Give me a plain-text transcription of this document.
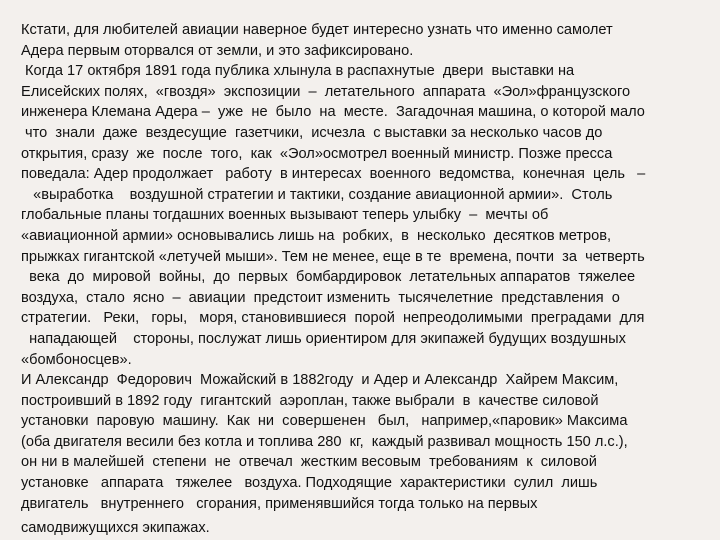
Кстати, для любителей авиации наверное будет интересно узнать что именно самолет
Адера первым оторвался от земли, и это зафиксировано.
Когда 17 октября 1891 года публика хлынула в распахнутые  двери  выставки на
Елисейских полях,  «гвоздя»  экспозиции  –  летательного  аппарата  «Эол»французского
инженера Клемана Адера –  уже  не  было  на  месте.  Загадочная машина, о которой мало
что  знали  даже  вездесущие  газетчики,  исчезла  с выставки за несколько часов до
открытия, сразу  же  после  того,  как  «Эол»осмотрел военный министр. Позже пресса
поведала: Адер продолжает   работу  в интересах  военного  ведомства,  конечная  цель   –
«выработка    воздушной стратегии и тактики, создание авиационной армии».  Столь
глобальные планы тогдашних военных вызывают теперь улыбку  –  мечты об
«авиационной армии» основывались лишь на  робких,  в  несколько  десятков метров,
прыжках гигантской «летучей мыши». Тем не менее, еще в те  времена, почти  за  четверть
века  до  мировой  войны,  до  первых  бомбардировок  летательных аппаратов  тяжелее
воздуха,  стало  ясно  –  авиации  предстоит изменить  тысячелетние  представления  о
стратегии.   Реки,   горы,   моря, становившиеся  порой  непреодолимыми  преградами  для
нападающей    стороны, послужат лишь ориентиром для экипажей будущих воздушных
«бомбоносцев».
И Александр  Федорович  Можайский в 1882году  и Адер и Александр  Хайрем Максим,
построивший в 1892 году  гигантский  аэроплан, также выбрали  в  качестве силовой
установки  паровую  машину.  Как  ни  совершенен   был,   например,«паровик» Максима
(оба двигателя весили без котла и топлива 280  кг,  каждый развивал мощность 150 л.с.),
он ни в малейшей  степени  не  отвечал  жестким весовым  требованиям  к  силовой
установке   аппарата   тяжелее   воздуха. Подходящие  характеристики  сулил  лишь
двигатель   внутреннего   сгорания, применявшийся тогда только на первых
самодвижущихся экипажах.
